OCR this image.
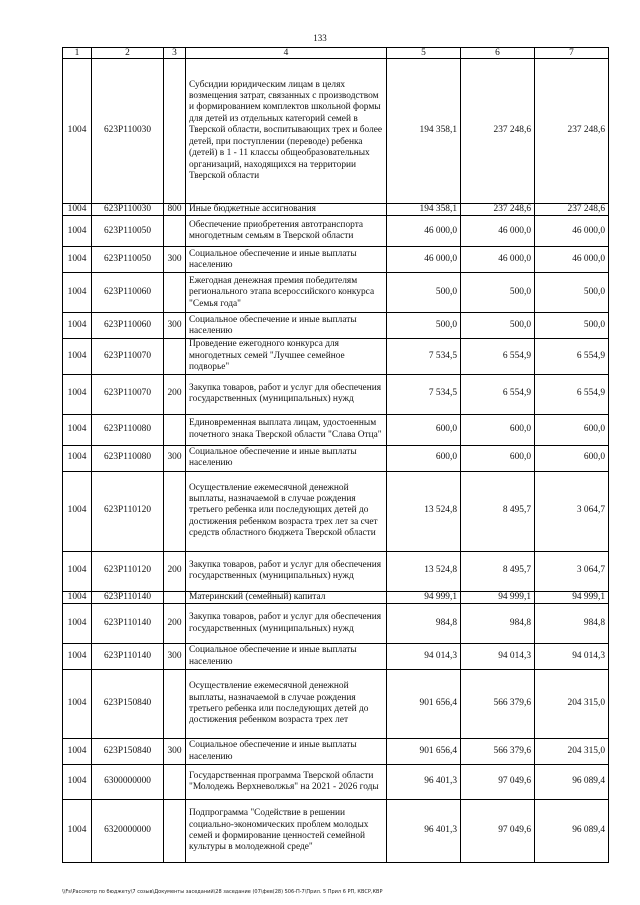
133
1	2	3	4	5	6	7
1004	623P110030		Субсидии юридическим лицам в целях возмещения затрат, связанных с производством и формированием комплектов школьной формы для детей из отдельных категорий семей в Тверской области, воспитывающих трех и более детей, при поступлении (переводе) ребенка (детей) в 1 - 11 классы общеобразовательных организаций, находящихся на территории Тверской области	194 358,1	237 248,6	237 248,6
1004	623P110030	800	Иные бюджетные ассигнования	194 358,1	237 248,6	237 248,6
1004	623P110050		Обеспечение приобретения автотранспорта многодетным семьям в Тверской области	46 000,0	46 000,0	46 000,0
1004	623P110050	300	Социальное обеспечение и иные выплаты населению	46 000,0	46 000,0	46 000,0
1004	623P110060		Ежегодная денежная премия победителям регионального этапа всероссийского конкурса "Семья года"	500,0	500,0	500,0
1004	623P110060	300	Социальное обеспечение и иные выплаты населению	500,0	500,0	500,0
1004	623P110070		Проведение ежегодного конкурса для многодетных семей "Лучшее семейное подворье"	7 534,5	6 554,9	6 554,9
1004	623P110070	200	Закупка товаров, работ и услуг для обеспечения государственных (муниципальных) нужд	7 534,5	6 554,9	6 554,9
1004	623P110080		Единовременная выплата лицам, удостоенным почетного знака Тверской области "Слава Отца"	600,0	600,0	600,0
1004	623P110080	300	Социальное обеспечение и иные выплаты населению	600,0	600,0	600,0
1004	623P110120		Осуществление ежемесячной денежной выплаты, назначаемой в случае рождения третьего ребенка или последующих детей до достижения ребенком возраста трех лет за счет средств областного бюджета Тверской области	13 524,8	8 495,7	3 064,7
1004	623P110120	200	Закупка товаров, работ и услуг для обеспечения государственных (муниципальных) нужд	13 524,8	8 495,7	3 064,7
1004	623P110140		Материнский (семейный) капитал	94 999,1	94 999,1	94 999,1
1004	623P110140	200	Закупка товаров, работ и услуг для обеспечения государственных (муниципальных) нужд	984,8	984,8	984,8
1004	623P110140	300	Социальное обеспечение и иные выплаты населению	94 014,3	94 014,3	94 014,3
1004	623P150840		Осуществление ежемесячной денежной выплаты, назначаемой в случае рождения третьего ребенка или последующих детей до достижения ребенком возраста трех лет	901 656,4	566 379,6	204 315,0
1004	623P150840	300	Социальное обеспечение и иные выплаты населению	901 656,4	566 379,6	204 315,0
1004	6300000000		Государственная программа Тверской области "Молодежь Верхневолжья" на 2021 - 2026 годы	96 401,3	97 049,6	96 089,4
1004	6320000000		Подпрограмма "Содействие в решении социально-экономических проблем молодых семей и формирование ценностей семейной культуры в молодежной среде"	96 401,3	97 049,6	96 089,4
\\Fs\Рассмотр по бюджету\7 созыв\Документы заседаний\28 заседание (07\фев(28) 506-П-7\Прил. 5 Прил 6 РП, КВСР,КВР
